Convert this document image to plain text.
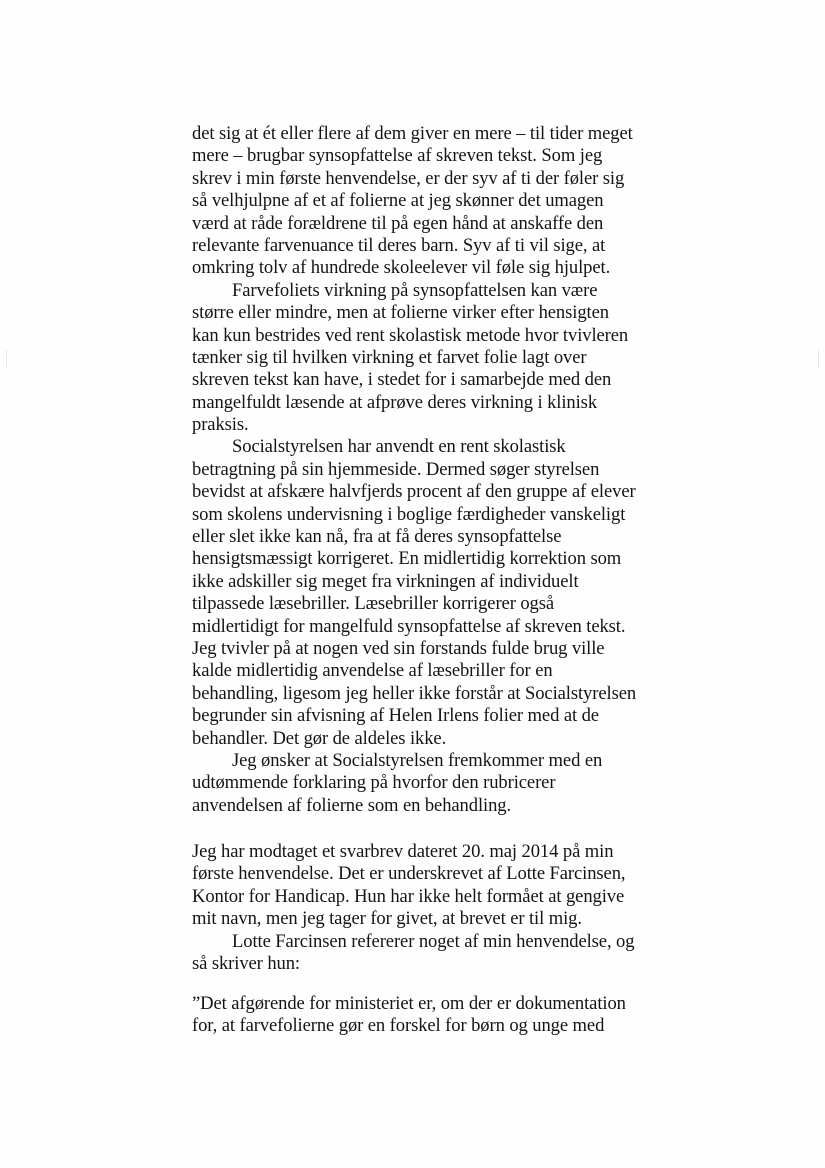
det sig at ét eller flere af dem giver en mere – til tider meget
mere – brugbar synsopfattelse af skreven tekst. Som jeg
skrev i min første henvendelse, er der syv af ti der føler sig
så velhjulpne af et af folierne at jeg skønner det umagen
værd at råde forældrene til på egen hånd at anskaffe den
relevante farvenuance til deres barn. Syv af ti vil sige, at
omkring tolv af hundrede skoleelever vil føle sig hjulpet.
Farvefoliets virkning på synsopfattelsen kan være
større eller mindre, men at folierne virker efter hensigten
kan kun bestrides ved rent skolastisk metode hvor tvivleren
tænker sig til hvilken virkning et farvet folie lagt over
skreven tekst kan have, i stedet for i samarbejde med den
mangelfuldt læsende at afprøve deres virkning i klinisk
praksis.
Socialstyrelsen har anvendt en rent skolastisk
betragtning på sin hjemmeside. Dermed søger styrelsen
bevidst at afskære halvfjerds procent af den gruppe af elever
som skolens undervisning i boglige færdigheder vanskeligt
eller slet ikke kan nå, fra at få deres synsopfattelse
hensigtsmæssigt korrigeret. En midlertidig korrektion som
ikke adskiller sig meget fra virkningen af individuelt
tilpassede læsebriller. Læsebriller korrigerer også
midlertidigt for mangelfuld synsopfattelse af skreven tekst.
Jeg tvivler på at nogen ved sin forstands fulde brug ville
kalde midlertidig anvendelse af læsebriller for en
behandling, ligesom jeg heller ikke forstår at Socialstyrelsen
begrunder sin afvisning af Helen Irlens folier med at de
behandler. Det gør de aldeles ikke.
Jeg ønsker at Socialstyrelsen fremkommer med en
udtømmende forklaring på hvorfor den rubricerer
anvendelsen af folierne som en behandling.
Jeg har modtaget et svarbrev dateret 20. maj 2014 på min
første henvendelse. Det er underskrevet af Lotte Farcinsen,
Kontor for Handicap. Hun har ikke helt formået at gengive
mit navn, men jeg tager for givet, at brevet er til mig.
Lotte Farcinsen refererer noget af min henvendelse, og
så skriver hun:
”Det afgørende for ministeriet er, om der er dokumentation
for, at farvefolierne gør en forskel for børn og unge med
